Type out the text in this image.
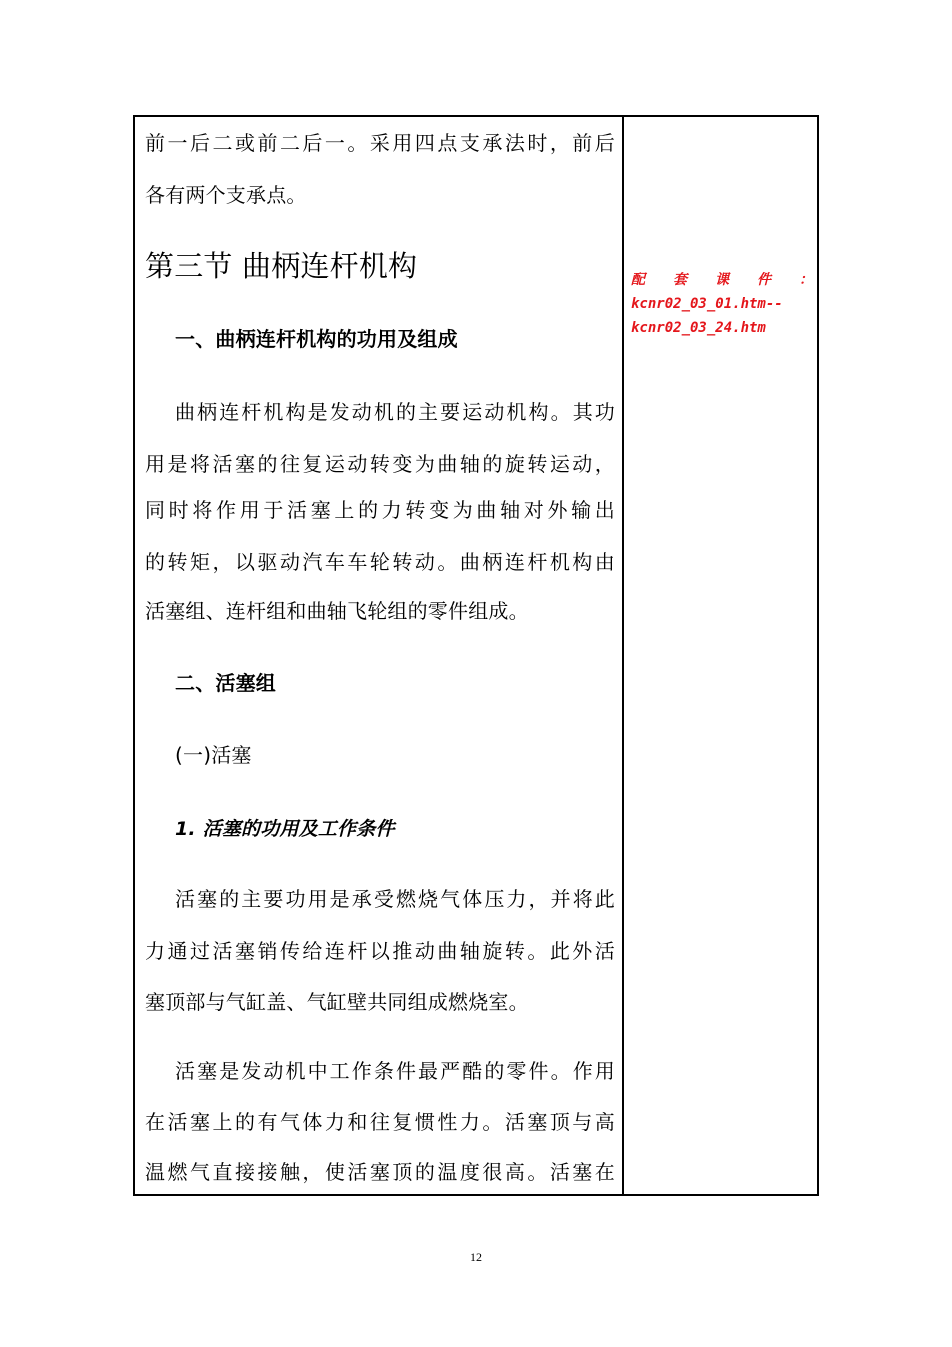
前一后二或前二后一。采用四点支承法时，前后
各有两个支承点。
第三节 曲柄连杆机构
一、曲柄连杆机构的功用及组成
曲柄连杆机构是发动机的主要运动机构。其功
用是将活塞的往复运动转变为曲轴的旋转运动，
同时将作用于活塞上的力转变为曲轴对外输出
的转矩，以驱动汽车车轮转动。曲柄连杆机构由
活塞组、连杆组和曲轴飞轮组的零件组成。
二、活塞组
(一)活塞
1. 活塞的功用及工作条件
活塞的主要功用是承受燃烧气体压力，并将此
力通过活塞销传给连杆以推动曲轴旋转。此外活
塞顶部与气缸盖、气缸壁共同组成燃烧室。
活塞是发动机中工作条件最严酷的零件。作用
在活塞上的有气体力和往复惯性力。活塞顶与高
温燃气直接接触，使活塞顶的温度很高。活塞在
配套课件：
kcnr02_03_01.htm--
kcnr02_03_24.htm
12
